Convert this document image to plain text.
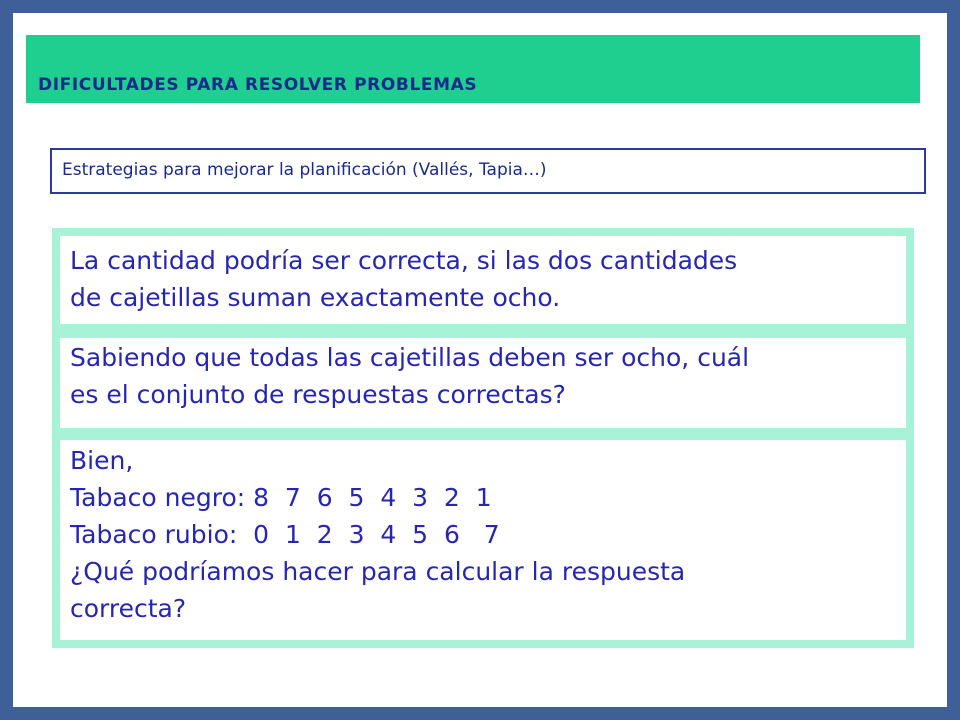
DIFICULTADES PARA RESOLVER PROBLEMAS
Estrategias para mejorar la planificación (Vallés, Tapia…)
La cantidad podría ser correcta, si las dos cantidades
de cajetillas suman exactamente ocho.
Sabiendo que todas las cajetillas deben ser ocho, cuál
es el conjunto de respuestas correctas?
Bien,
Tabaco negro: 8  7  6  5  4  3  2  1
Tabaco rubio:  0  1  2  3  4  5  6   7
¿Qué podríamos hacer para calcular la respuesta
correcta?
